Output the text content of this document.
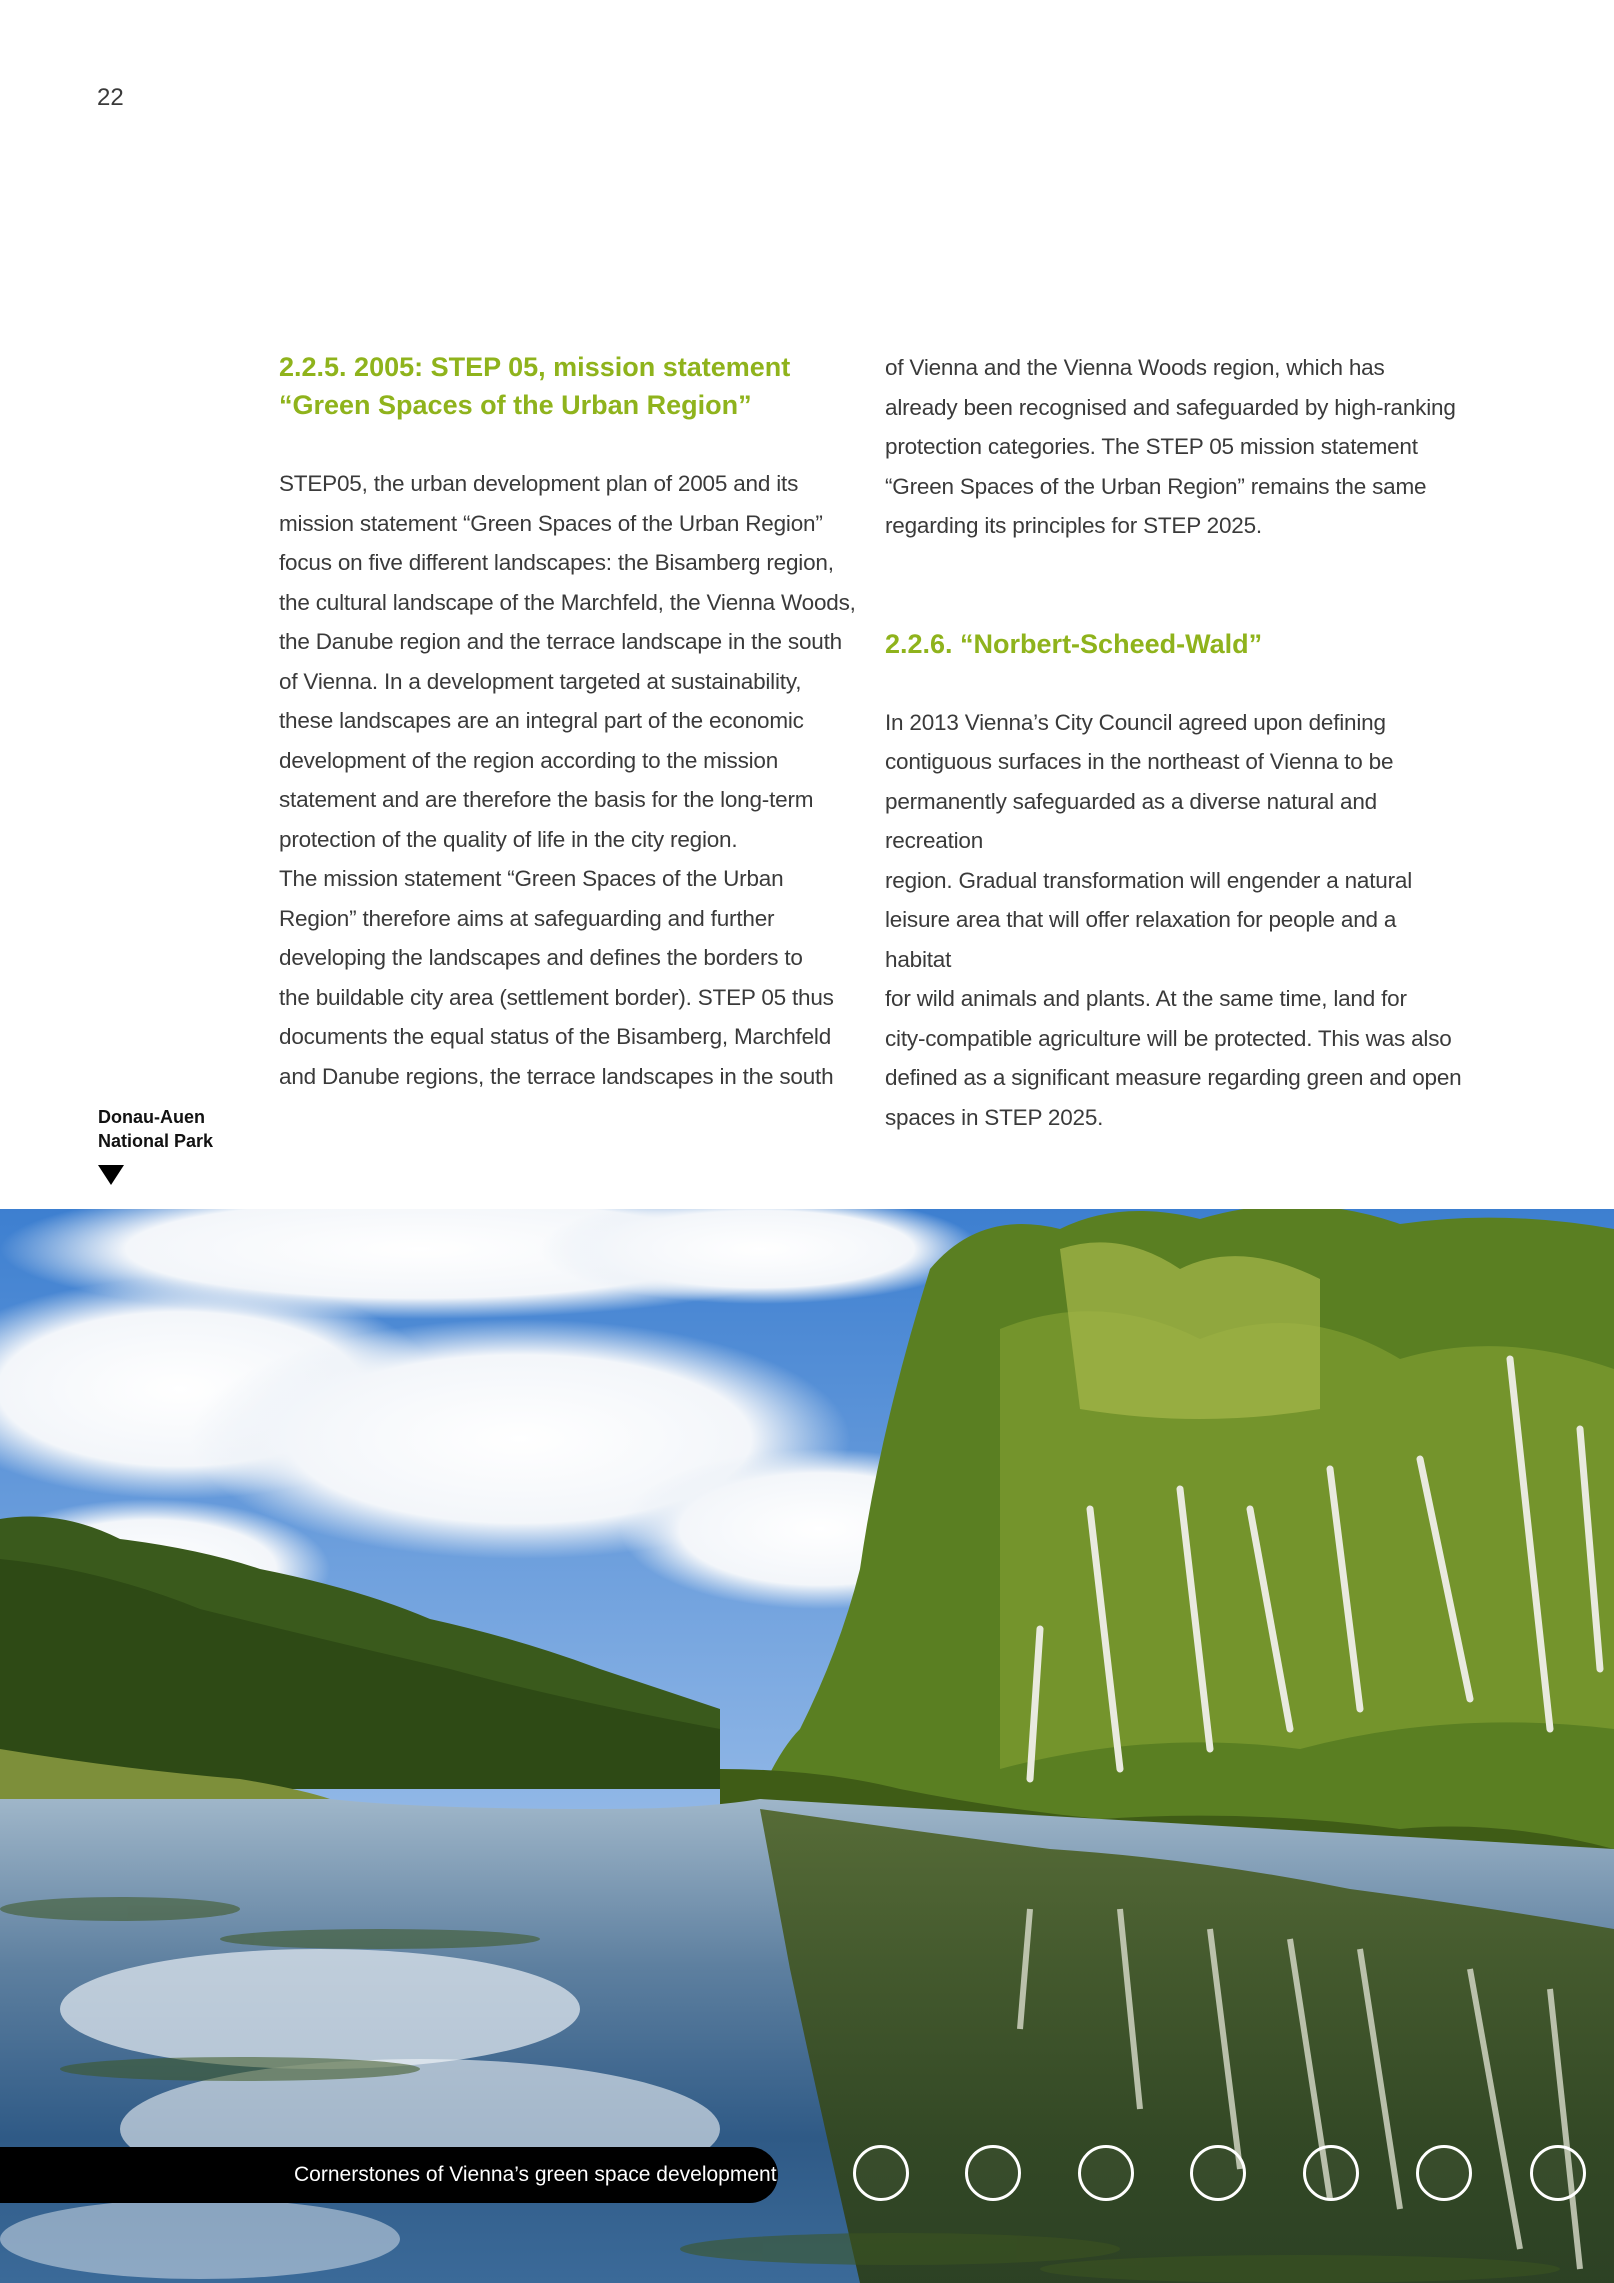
22
2.2.5. 2005: STEP 05, mission statement
“Green Spaces of the Urban Region”

STEP05, the urban development plan of 2005 and its
mission statement “Green Spaces of the Urban Region”
focus on five different landscapes: the Bisamberg region,
the cultural landscape of the Marchfeld, the Vienna Woods,
the Danube region and the terrace landscape in the south
of Vienna. In a development targeted at sustainability,
these landscapes are an integral part of the economic
development of the region according to the mission
statement and are therefore the basis for the long-term
protection of the quality of life in the city region.

The mission statement “Green Spaces of the Urban
Region” therefore aims at safeguarding and further
developing the landscapes and defines the borders to
the buildable city area (settlement border). STEP 05 thus
documents the equal status of the Bisamberg, Marchfeld
and Danube regions, the terrace landscapes in the south

of Vienna and the Vienna Woods region, which has
already been recognised and safeguarded by high-ranking
protection categories. The STEP 05 mission statement
“Green Spaces of the Urban Region” remains the same
regarding its principles for STEP 2025.

2.2.6. “Norbert-Scheed-Wald”

In 2013 Vienna’s City Council agreed upon defining
contiguous surfaces in the northeast of Vienna to be
permanently safeguarded as a diverse natural and recreation
region. Gradual transformation will engender a natural
leisure area that will offer relaxation for people and a habitat
for wild animals and plants. At the same time, land for
city-compatible agriculture will be protected. This was also
defined as a significant measure regarding green and open
spaces in STEP 2025.

Donau-Auen
National Park
Cornerstones of Vienna’s green space development
